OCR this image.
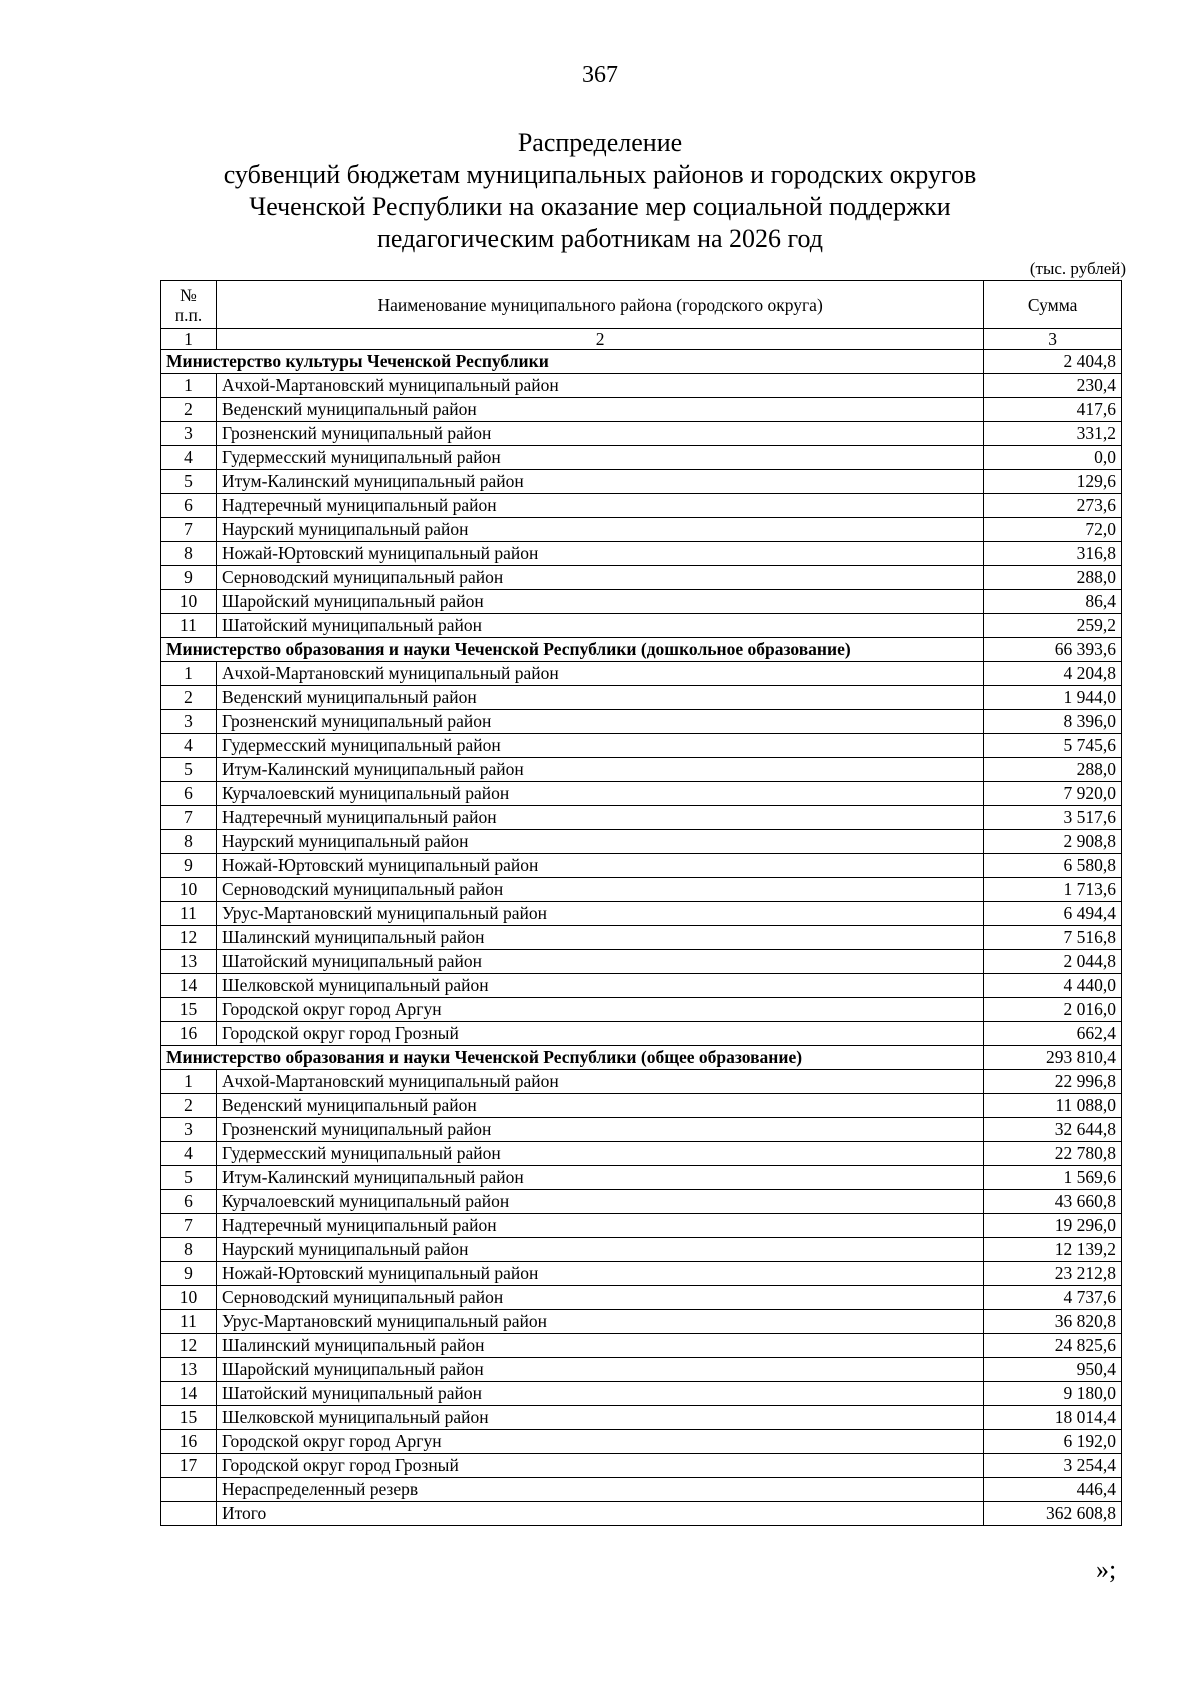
367
Распределение
субвенций бюджетам муниципальных районов и городских округов
Чеченской Республики на оказание мер социальной поддержки
педагогическим работникам на 2026 год
(тыс. рублей)
№
п.п.	Наименование муниципального района (городского округа)	Сумма
1	2	3
Министерство культуры Чеченской Республики		2 404,8
1	Ачхой-Мартановский муниципальный район	230,4
2	Веденский муниципальный район	417,6
3	Грозненский муниципальный район	331,2
4	Гудермесский муниципальный район	0,0
5	Итум-Калинский муниципальный район	129,6
6	Надтеречный муниципальный район	273,6
7	Наурский муниципальный район	72,0
8	Ножай-Юртовский муниципальный район	316,8
9	Серноводский муниципальный район	288,0
10	Шаройский муниципальный район	86,4
11	Шатойский муниципальный район	259,2
Министерство образования и науки Чеченской Республики (дошкольное образование)		66 393,6
1	Ачхой-Мартановский муниципальный район	4 204,8
2	Веденский муниципальный район	1 944,0
3	Грозненский муниципальный район	8 396,0
4	Гудермесский муниципальный район	5 745,6
5	Итум-Калинский муниципальный район	288,0
6	Курчалоевский муниципальный район	7 920,0
7	Надтеречный муниципальный район	3 517,6
8	Наурский муниципальный район	2 908,8
9	Ножай-Юртовский муниципальный район	6 580,8
10	Серноводский муниципальный район	1 713,6
11	Урус-Мартановский муниципальный район	6 494,4
12	Шалинский муниципальный район	7 516,8
13	Шатойский муниципальный район	2 044,8
14	Шелковской муниципальный район	4 440,0
15	Городской округ город Аргун	2 016,0
16	Городской округ город Грозный	662,4
Министерство образования и науки Чеченской Республики (общее образование)		293 810,4
1	Ачхой-Мартановский муниципальный район	22 996,8
2	Веденский муниципальный район	11 088,0
3	Грозненский муниципальный район	32 644,8
4	Гудермесский муниципальный район	22 780,8
5	Итум-Калинский муниципальный район	1 569,6
6	Курчалоевский муниципальный район	43 660,8
7	Надтеречный муниципальный район	19 296,0
8	Наурский муниципальный район	12 139,2
9	Ножай-Юртовский муниципальный район	23 212,8
10	Серноводский муниципальный район	4 737,6
11	Урус-Мартановский муниципальный район	36 820,8
12	Шалинский муниципальный район	24 825,6
13	Шаройский муниципальный район	950,4
14	Шатойский муниципальный район	9 180,0
15	Шелковской муниципальный район	18 014,4
16	Городской округ город Аргун	6 192,0
17	Городской округ город Грозный	3 254,4
	Нераспределенный резерв	446,4
	Итого	362 608,8
»;
